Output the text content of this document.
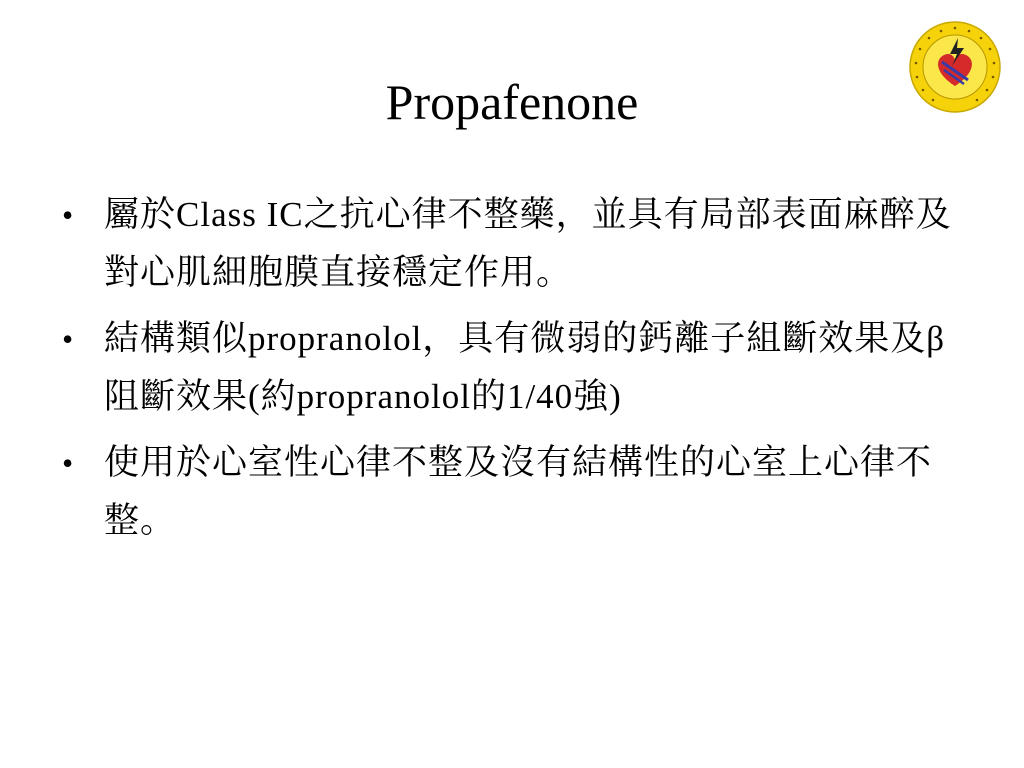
Propafenone
• 屬於Class IC之抗心律不整藥，並具有局部表面麻醉及對心肌細胞膜直接穩定作用。
• 結構類似propranolol，具有微弱的鈣離子組斷效果及β 阻斷效果(約propranolol的1/40強)
• 使用於心室性心律不整及沒有結構性的心室上心律不整。
